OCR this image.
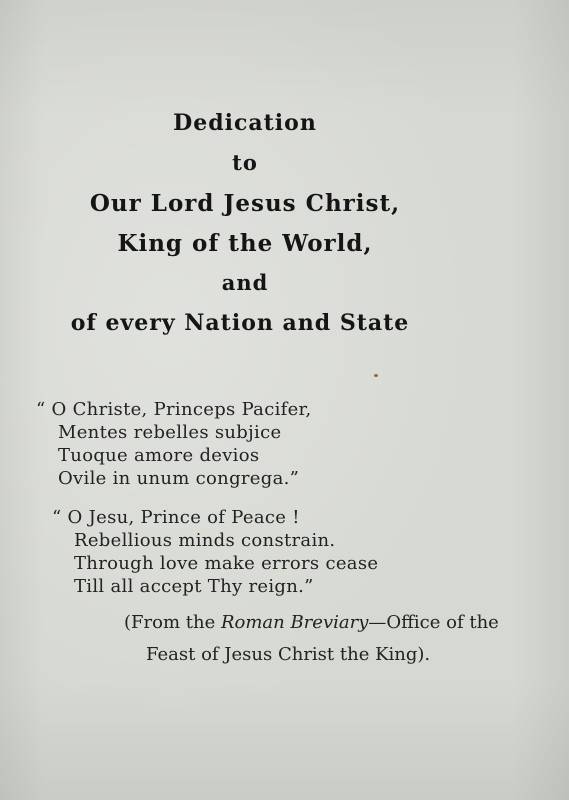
Dedication
to
Our Lord Jesus Christ,
King of the World,
and
of every Nation and State
“ O Christe, Princeps Pacifer,
Mentes rebelles subjice
Tuoque amore devios
Ovile in unum congrega.”
“ O Jesu, Prince of Peace !
Rebellious minds constrain.
Through love make errors cease
Till all accept Thy reign.”
(From the Roman Breviary—Office of the
Feast of Jesus Christ the King).
